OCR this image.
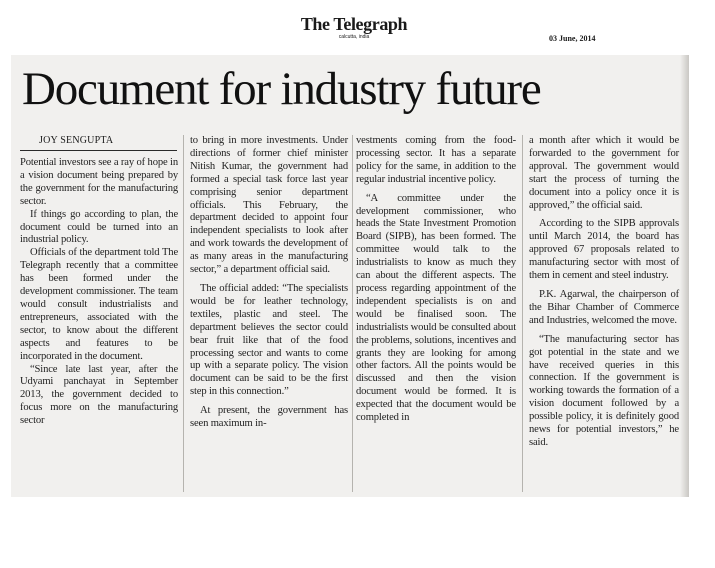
The Telegraph
calcutta, india	03 June, 2014
Document for industry future
JOY SENGUPTA

Potential investors see a ray of hope in a vision document being prepared by the government for the manufacturing sector.

If things go according to plan, the document could be turned into an industrial policy.

Officials of the department told The Telegraph recently that a committee has been formed under the development commissioner. The team would consult industrialists and entrepreneurs, associated with the sector, to know about the different aspects and features to be incorporated in the document.

“Since late last year, after the Udyami panchayat in September 2013, the government decided to focus more on the manufacturing sector

to bring in more investments. Under directions of former chief minister Nitish Kumar, the government had formed a special task force last year comprising senior department officials. This February, the department decided to appoint four independent specialists to look after and work towards the development of as many areas in the manufacturing sector,” a department official said.

The official added: “The specialists would be for leather technology, textiles, plastic and steel. The department believes the sector could bear fruit like that of the food processing sector and wants to come up with a separate policy. The vision document can be said to be the first step in this connection.”

At present, the government has seen maximum in-

vestments coming from the food-processing sector. It has a separate policy for the same, in addition to the regular industrial incentive policy.

“A committee under the development commissioner, who heads the State Investment Promotion Board (SIPB), has been formed. The committee would talk to the industrialists to know as much they can about the different aspects. The process regarding appointment of the independent specialists is on and would be finalised soon. The industrialists would be consulted about the problems, solutions, incentives and grants they are looking for among other factors. All the points would be discussed and then the vision document would be formed. It is expected that the document would be completed in

a month after which it would be forwarded to the government for approval. The government would start the process of turning the document into a policy once it is approved,” the official said.

According to the SIPB approvals until March 2014, the board has approved 67 proposals related to manufacturing sector with most of them in cement and steel industry.

P.K. Agarwal, the chairperson of the Bihar Chamber of Commerce and Industries, welcomed the move.

“The manufacturing sector has got potential in the state and we have received queries in this connection. If the government is working towards the formation of a vision document followed by a possible policy, it is definitely good news for potential investors,” he said.
